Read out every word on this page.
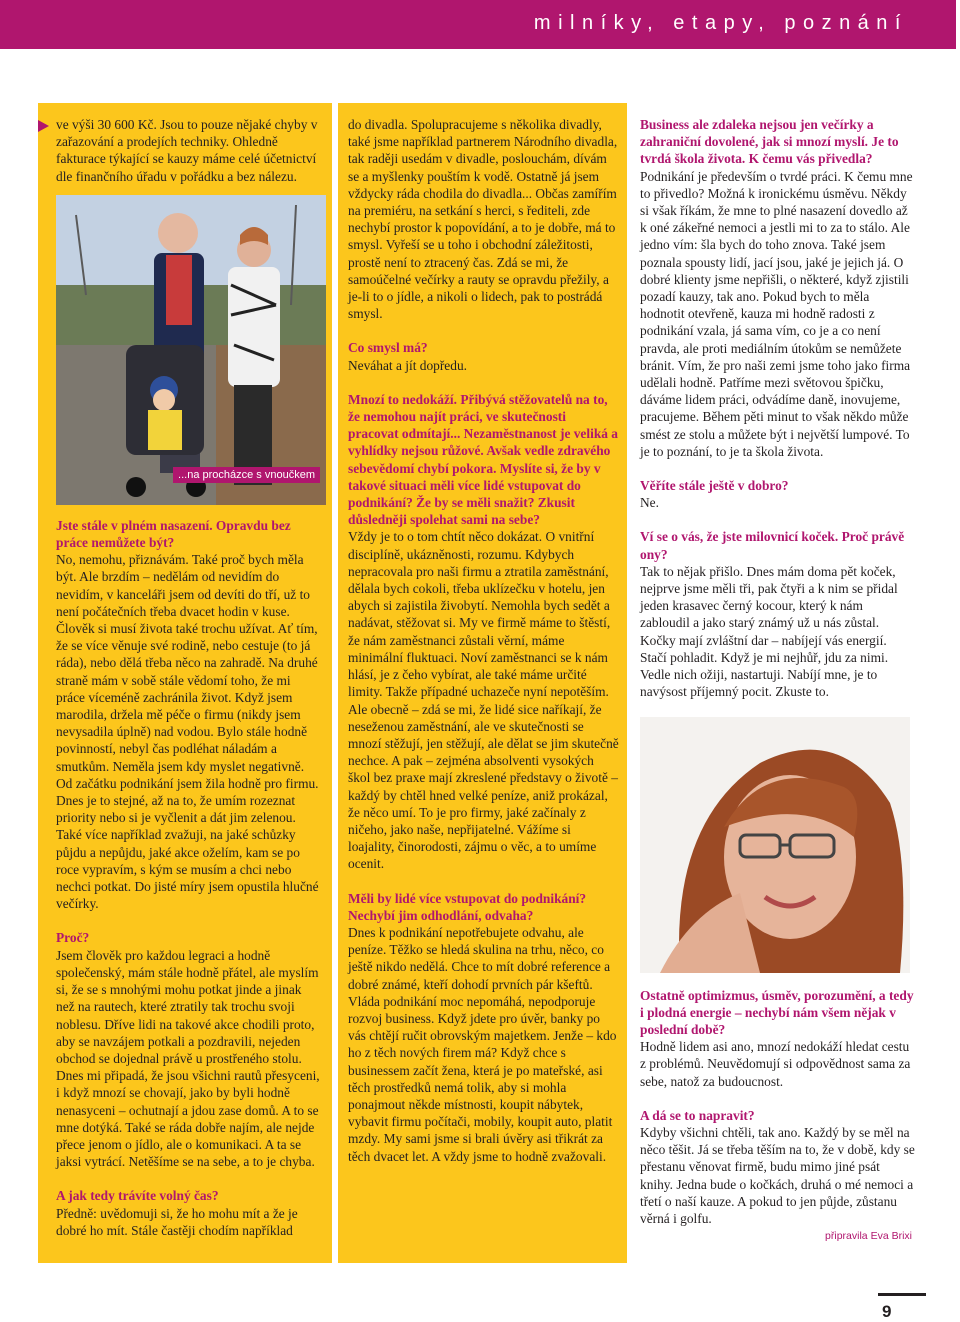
milníky, etapy, poznání

ve výši 30 600 Kč. Jsou to pouze nějaké chyby v zařazování a prodejích techniky. Ohledně fakturace týkající se kauzy máme celé účetnictví dle finančního úřadu v pořádku a bez nálezu.

...na procházce s vnoučkem

Jste stále v plném nasazení. Opravdu bez práce nemůžete být?

No, nemohu, přiznávám. Také proč bych měla být. Ale brzdím – nedělám od nevidím do nevidím, v kanceláři jsem od devíti do tří, už to není počátečních třeba dvacet hodin v kuse. Člověk si musí života také trochu užívat. Ať tím, že se více věnuje své rodině, nebo cestuje (to já ráda), nebo dělá třeba něco na zahradě. Na druhé straně mám v sobě stále vědomí toho, že mi práce víceméně zachránila život. Když jsem marodila, držela mě péče o firmu (nikdy jsem nevysadila úplně) nad vodou. Bylo stále hodně povinností, nebyl čas podléhat náladám a smutkům. Neměla jsem kdy myslet negativně. Od začátku podnikání jsem žila hodně pro firmu. Dnes je to stejné, až na to, že umím rozeznat priority nebo si je vyčlenit a dát jim zelenou. Také více například zvažuji, na jaké schůzky půjdu a nepůjdu, jaké akce oželím, kam se po roce vypravím, s kým se musím a chci nebo nechci potkat. Do jisté míry jsem opustila hlučné večírky.

Proč?

Jsem člověk pro každou legraci a hodně společenský, mám stále hodně přátel, ale myslím si, že se s mnohými mohu potkat jinde a jinak než na rautech, které ztratily tak trochu svoji noblesu. Dříve lidi na takové akce chodili proto, aby se navzájem potkali a pozdravili, nejeden obchod se dojednal právě u prostřeného stolu. Dnes mi připadá, že jsou všichni rautů přesyceni, i když mnozí se chovají, jako by byli hodně nenasyceni – ochutnají a jdou zase domů. A to se mne dotýká. Také se ráda dobře najím, ale nejde přece jenom o jídlo, ale o komunikaci. A ta se jaksi vytrácí. Netěšíme se na sebe, a to je chyba.

A jak tedy trávíte volný čas?

Předně: uvědomuji si, že ho mohu mít a že je dobré ho mít. Stále častěji chodím například

do divadla. Spolupracujeme s několika divadly, také jsme například partnerem Národního divadla, tak raději usedám v divadle, poslouchám, dívám se a myšlenky pouštím k vodě. Ostatně já jsem vždycky ráda chodila do divadla... Občas zamířím na premiéru, na setkání s herci, s řediteli, zde nechybí prostor k popovídání, a to je dobře, má to smysl. Vyřeší se u toho i obchodní záležitosti, prostě není to ztracený čas. Zdá se mi, že samoúčelné večírky a rauty se opravdu přežily, a je-li to o jídle, a nikoli o lidech, pak to postrádá smysl.

Co smysl má?

Neváhat a jít dopředu.

Mnozí to nedokáží. Přibývá stěžovatelů na to, že nemohou najít práci, ve skutečnosti pracovat odmítají... Nezaměstnanost je veliká a vyhlídky nejsou růžové. Avšak vedle zdravého sebevědomí chybí pokora. Myslíte si, že by v takové situaci měli více lidé vstupovat do podnikání? Že by se měli snažit? Zkusit důsledněji spolehat sami na sebe?

Vždy je to o tom chtít něco dokázat. O vnitřní disciplíně, ukázněnosti, rozumu. Kdybych nepracovala pro naši firmu a ztratila zaměstnání, dělala bych cokoli, třeba uklízečku v hotelu, jen abych si zajistila živobytí. Nemohla bych sedět a nadávat, stěžovat si. My ve firmě máme to štěstí, že nám zaměstnanci zůstali věrní, máme minimální fluktuaci. Noví zaměstnanci se k nám hlásí, je z čeho vybírat, ale také máme určité limity. Takže případné uchazeče nyní nepotěším. Ale obecně – zdá se mi, že lidé sice naříkají, že neseženou zaměstnání, ale ve skutečnosti se mnozí stěžují, jen stěžují, ale dělat se jim skutečně nechce. A pak – zejména absolventi vysokých škol bez praxe mají zkreslené představy o životě – každý by chtěl hned velké peníze, aniž prokázal, že něco umí. To je pro firmy, jaké začínaly z ničeho, jako naše, nepřijatelné. Vážíme si loajality, činorodosti, zájmu o věc, a to umíme ocenit.

Měli by lidé více vstupovat do podnikání? Nechybí jim odhodlání, odvaha?

Dnes k podnikání nepotřebujete odvahu, ale peníze. Těžko se hledá skulina na trhu, něco, co ještě nikdo nedělá. Chce to mít dobré reference a dobré známé, kteří dohodí prvních pár kšeftů. Vláda podnikání moc nepomáhá, nepodporuje rozvoj business. Když jdete pro úvěr, banky po vás chtějí ručit obrovským majetkem. Jenže – kdo ho z těch nových firem má? Když chce s businessem začít žena, která je po mateřské, asi těch prostředků nemá tolik, aby si mohla ponajmout někde místnosti, koupit nábytek, vybavit firmu počítači, mobily, koupit auto, platit mzdy. My sami jsme si brali úvěry asi třikrát za těch dvacet let. A vždy jsme to hodně zvažovali.

Business ale zdaleka nejsou jen večírky a zahraniční dovolené, jak si mnozí myslí. Je to tvrdá škola života. K čemu vás přivedla?

Podnikání je především o tvrdé práci. K čemu mne to přivedlo? Možná k ironickému úsměvu. Někdy si však říkám, že mne to plné nasazení dovedlo až k oné zákeřné nemoci a jestli mi to za to stálo. Ale jedno vím: šla bych do toho znova. Také jsem poznala spousty lidí, jací jsou, jaké je jejich já. O dobré klienty jsme nepřišli, o některé, když zjistili pozadí kauzy, tak ano. Pokud bych to měla hodnotit otevřeně, kauza mi hodně radosti z podnikání vzala, já sama vím, co je a co není pravda, ale proti mediálním útokům se nemůžete bránit. Vím, že pro naši zemi jsme toho jako firma udělali hodně. Patříme mezi světovou špičku, dáváme lidem práci, odvádíme daně, inovujeme, pracujeme. Během pěti minut to však někdo může smést ze stolu a můžete být i největší lumpové. To je to poznání, to je ta škola života.

Věříte stále ještě v dobro?

Ne.

Ví se o vás, že jste milovnicí koček. Proč právě ony?

Tak to nějak přišlo. Dnes mám doma pět koček, nejprve jsme měli tři, pak čtyři a k nim se přidal jeden krasavec černý kocour, který k nám zabloudil a jako starý známý už u nás zůstal. Kočky mají zvláštní dar – nabíjejí vás energií. Stačí pohladit. Když je mi nejhůř, jdu za nimi. Vedle nich ožiji, nastartuji. Nabíjí mne, je to navýsost příjemný pocit. Zkuste to.

Ostatně optimizmus, úsměv, porozumění, a tedy i plodná energie – nechybí nám všem nějak v poslední době?

Hodně lidem asi ano, mnozí nedokáží hledat cestu z problémů. Neuvědomují si odpovědnost sama za sebe, natož za budoucnost.

A dá se to napravit?

Kdyby všichni chtěli, tak ano. Každý by se měl na něco těšit. Já se třeba těším na to, že v době, kdy se přestanu věnovat firmě, budu mimo jiné psát knihy. Jedna bude o kočkách, druhá o mé nemoci a třetí o naší kauze. A pokud to jen půjde, zůstanu věrná i golfu.

připravila Eva Brixi
9
